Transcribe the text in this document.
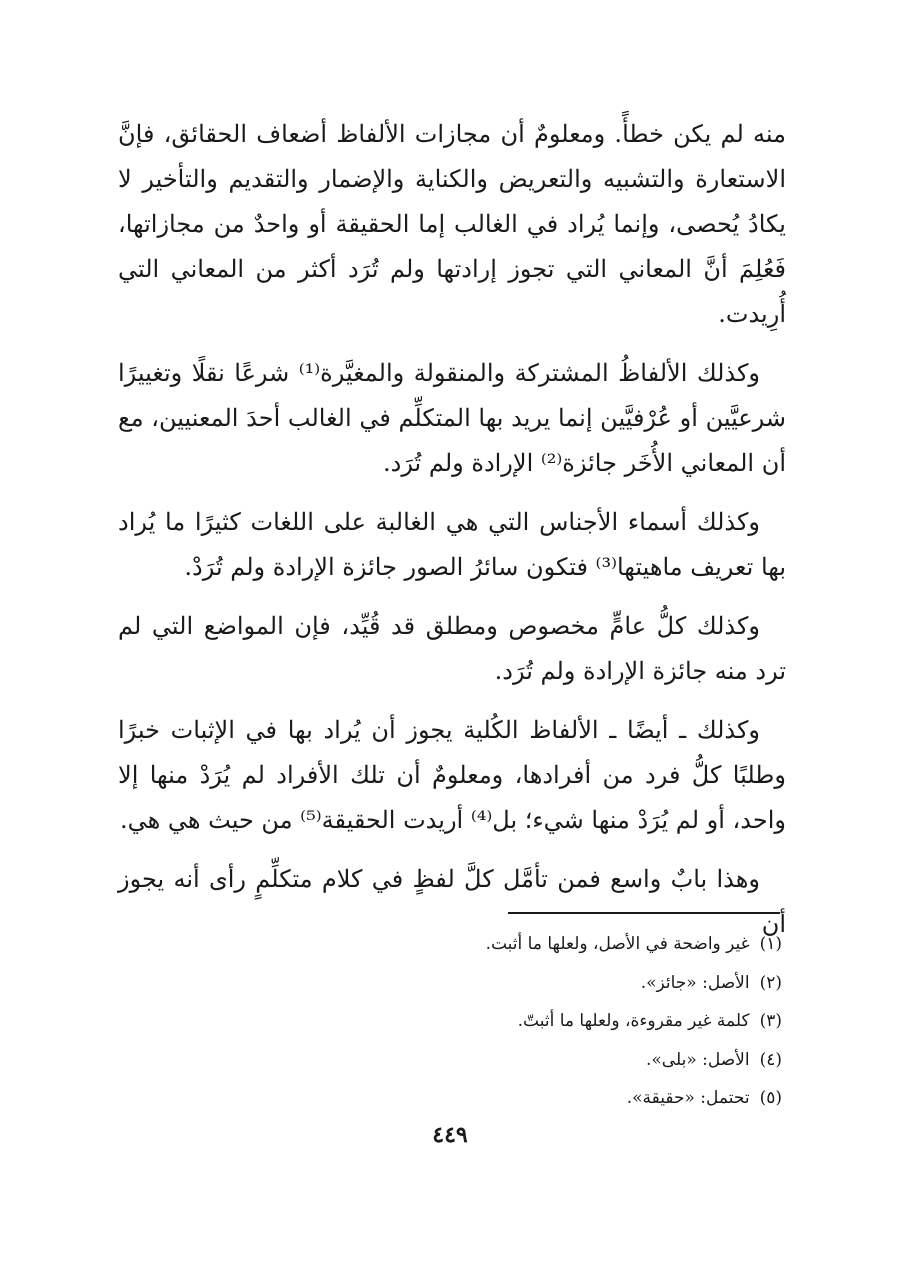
منه لم يكن خطأً. ومعلومٌ أن مجازات الألفاظ أضعاف الحقائق، فإنَّ الاستعارة والتشبيه والتعريض والكناية والإضمار والتقديم والتأخير لا يكادُ يُحصى، وإنما يُراد في الغالب إما الحقيقة أو واحدٌ من مجازاتها، فَعُلِمَ أنَّ المعاني التي تجوز إرادتها ولم تُرَد أكثر من المعاني التي أُرِيدت.

وكذلك الألفاظُ المشتركة والمنقولة والمغيَّرة⁽¹⁾ شرعًا نقلًا وتغييرًا شرعيَّين أو عُرْفيَّين إنما يريد بها المتكلِّم في الغالب أحدَ المعنيين، مع أن المعاني الأُخَر جائزة⁽²⁾ الإرادة ولم تُرَد.

وكذلك أسماء الأجناس التي هي الغالبة على اللغات كثيرًا ما يُراد بها تعريف ماهيتها⁽³⁾ فتكون سائرُ الصور جائزة الإرادة ولم تُرَدْ.

وكذلك كلُّ عامٍّ مخصوص ومطلق قد قُيِّد، فإن المواضع التي لم ترد منه جائزة الإرادة ولم تُرَد.

وكذلك ـ أيضًا ـ الألفاظ الكُلية يجوز أن يُراد بها في الإثبات خبرًا وطلبًا كلُّ فرد من أفرادها، ومعلومٌ أن تلك الأفراد لم يُرَدْ منها إلا واحد، أو لم يُرَدْ منها شيء؛ بل⁽⁴⁾ أريدت الحقيقة⁽⁵⁾ من حيث هي هي.

وهذا بابٌ واسع فمن تأمَّل كلَّ لفظٍ في كلام متكلِّمٍ رأى أنه يجوز أن

(١)غير واضحة في الأصل، ولعلها ما أثبت.
(٢)الأصل: «جائز».
(٣)كلمة غير مقروءة، ولعلها ما أثبتّ.
(٤)الأصل: «بلى».
(٥)تحتمل: «حقيقة».
٤٤٩
